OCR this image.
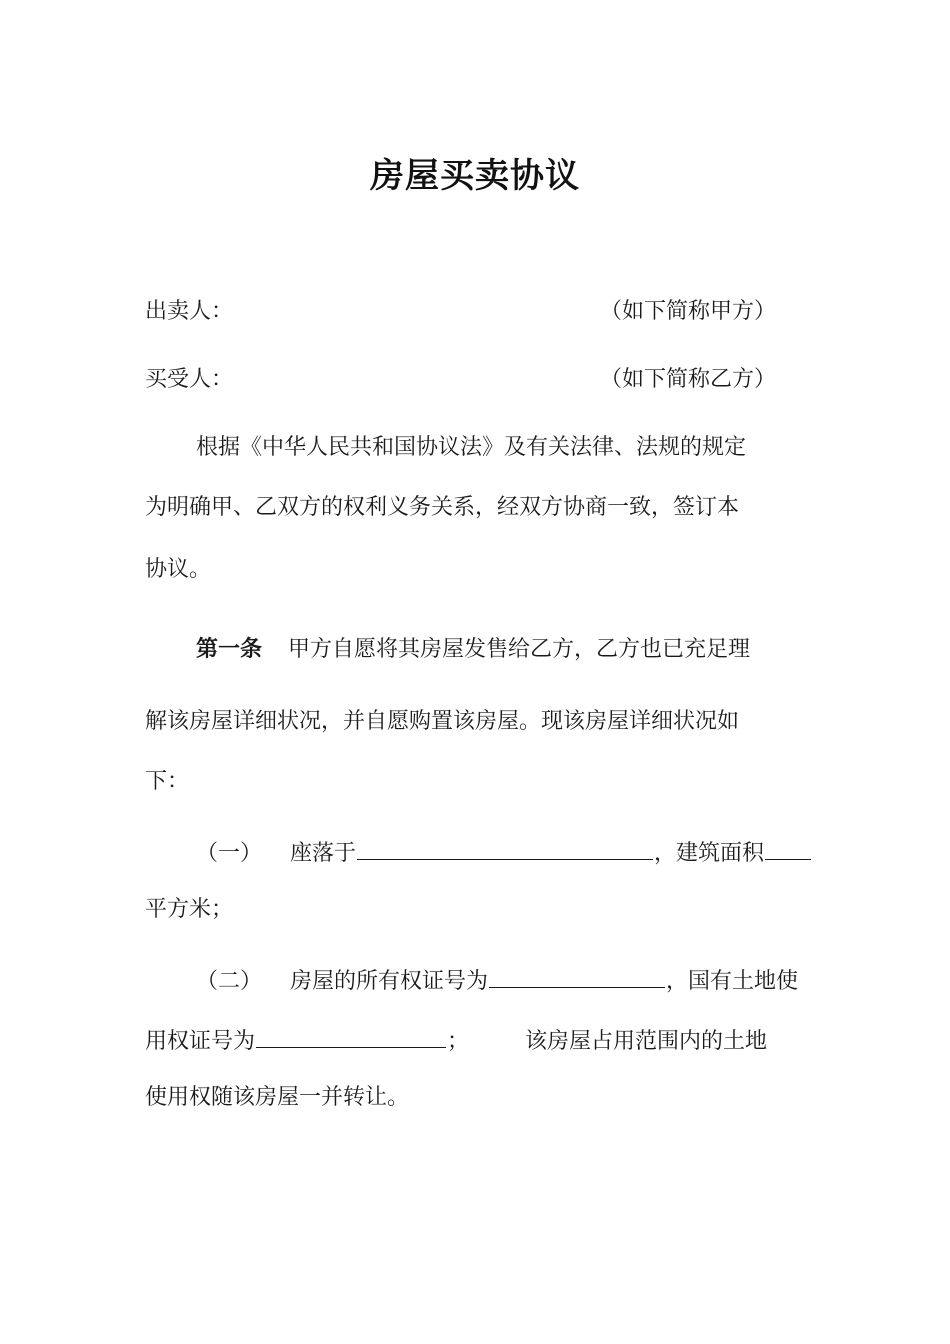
房屋买卖协议
出卖人：	（如下简称甲方）
买受人：	（如下简称乙方）
根据《中华人民共和国协议法》及有关法律、法规的规定
为明确甲、乙双方的权利义务关系，经双方协商一致，签订本
协议。
第一条 甲方自愿将其房屋发售给乙方，乙方也已充足理
解该房屋详细状况，并自愿购置该房屋。现该房屋详细状况如
下：
（一） 座落于	，建筑面积
平方米；
（二） 房屋的所有权证号为	，国有土地使
用权证号为	；	该房屋占用范围内的土地
使用权随该房屋一并转让。
